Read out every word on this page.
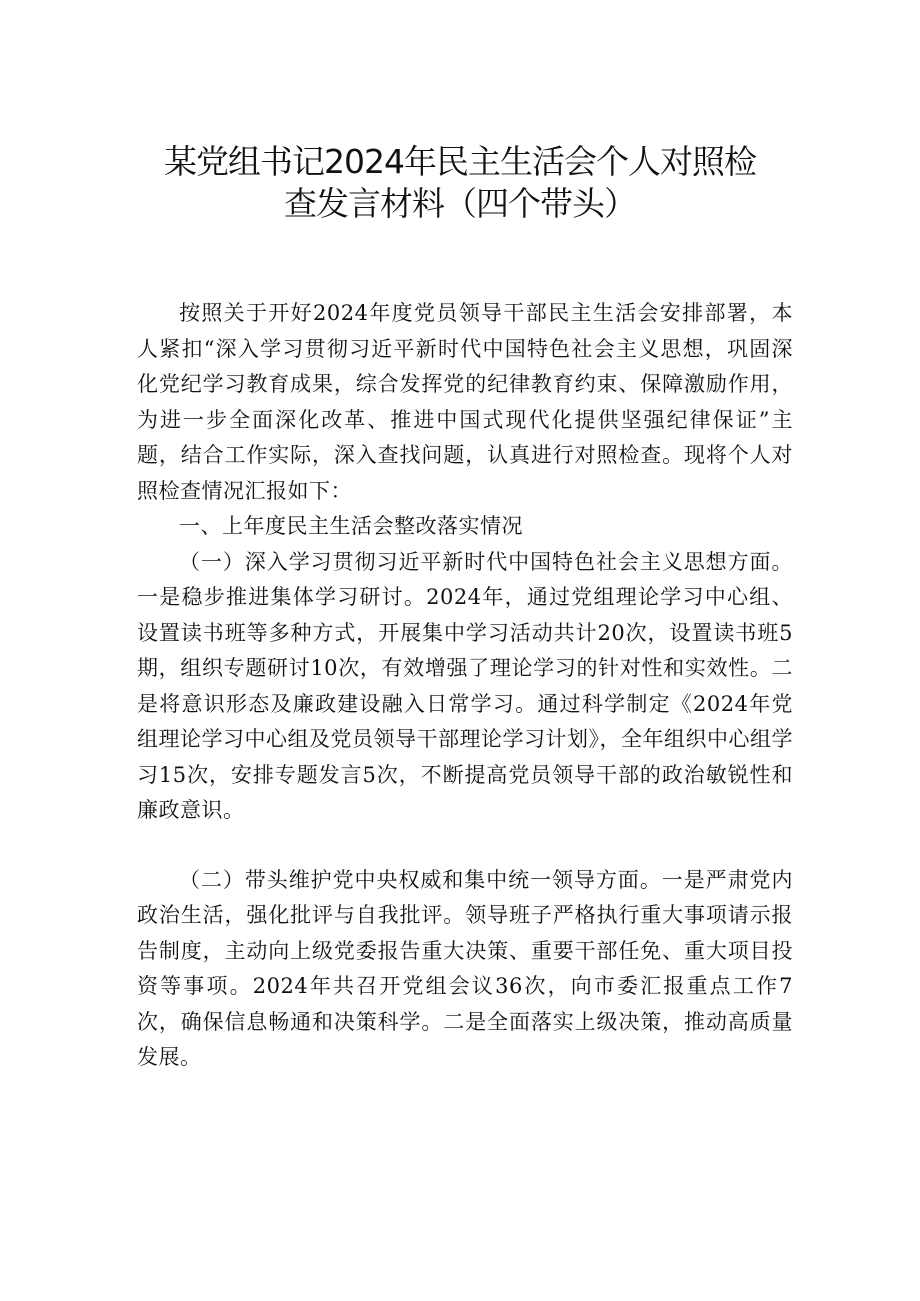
某党组书记2024年民主生活会个人对照检
查发言材料（四个带头）

按照关于开好2024年度党员领导干部民主生活会安排部署，本人紧扣“深入学习贯彻习近平新时代中国特色社会主义思想，巩固深化党纪学习教育成果，综合发挥党的纪律教育约束、保障激励作用，为进一步全面深化改革、推进中国式现代化提供坚强纪律保证”主题，结合工作实际，深入查找问题，认真进行对照检查。现将个人对照检查情况汇报如下：

一、上年度民主生活会整改落实情况

（一）深入学习贯彻习近平新时代中国特色社会主义思想方面。一是稳步推进集体学习研讨。2024年，通过党组理论学习中心组、设置读书班等多种方式，开展集中学习活动共计20次，设置读书班5期，组织专题研讨10次，有效增强了理论学习的针对性和实效性。二是将意识形态及廉政建设融入日常学习。通过科学制定《2024年党组理论学习中心组及党员领导干部理论学习计划》，全年组织中心组学习15次，安排专题发言5次，不断提高党员领导干部的政治敏锐性和廉政意识。

（二）带头维护党中央权威和集中统一领导方面。一是严肃党内政治生活，强化批评与自我批评。领导班子严格执行重大事项请示报告制度，主动向上级党委报告重大决策、重要干部任免、重大项目投资等事项。2024年共召开党组会议36次，向市委汇报重点工作7次，确保信息畅通和决策科学。二是全面落实上级决策，推动高质量发展。
